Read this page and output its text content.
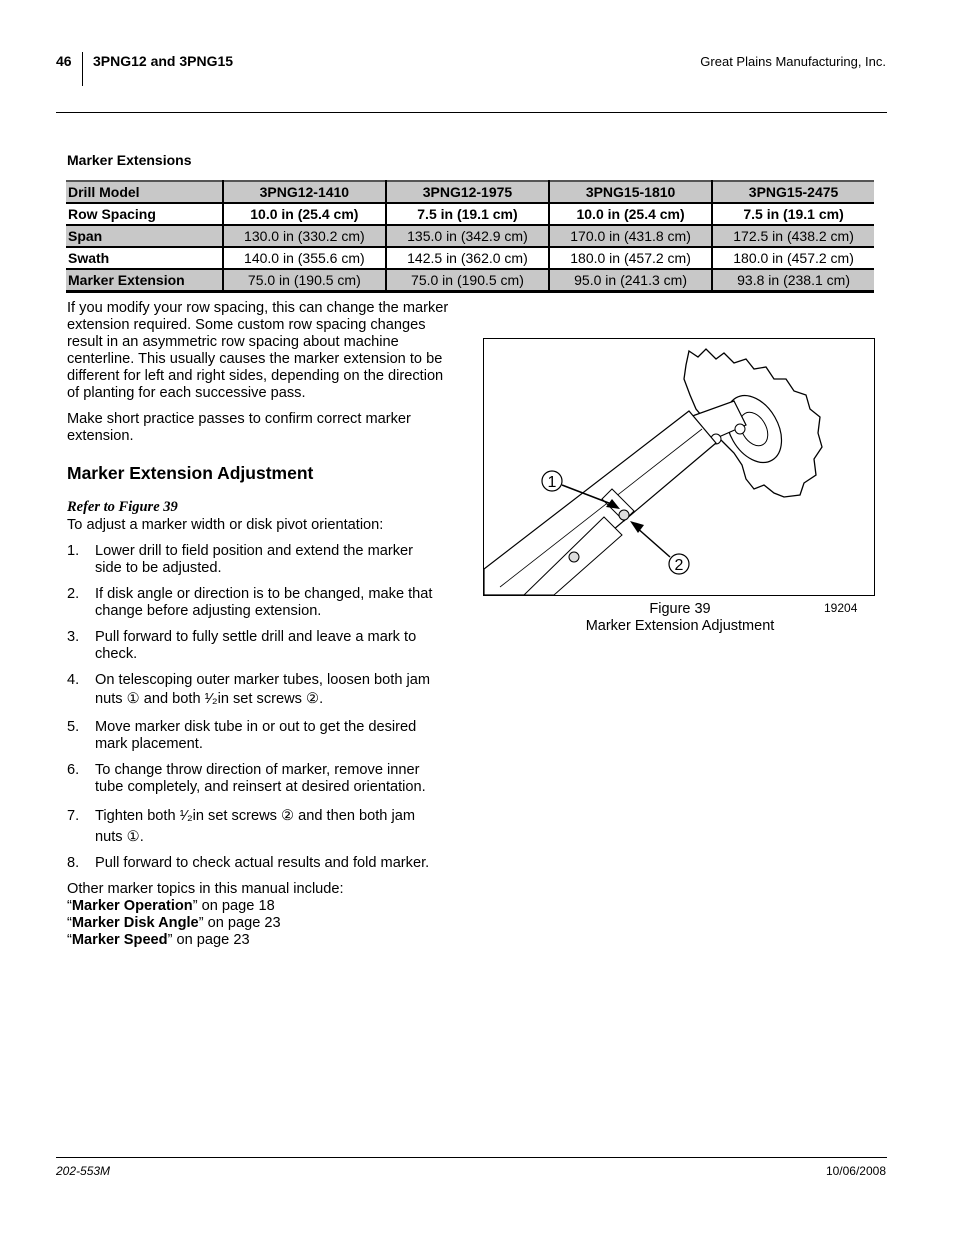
46 3PNG12 and 3PNG15	Great Plains Manufacturing, Inc.
Marker Extensions
Drill Model	3PNG12-1410	3PNG12-1975	3PNG15-1810	3PNG15-2475
Row Spacing	10.0 in (25.4 cm)	7.5 in (19.1 cm)	10.0 in (25.4 cm)	7.5 in (19.1 cm)
Span	130.0 in (330.2 cm)	135.0 in (342.9 cm)	170.0 in (431.8 cm)	172.5 in (438.2 cm)
Swath	140.0 in (355.6 cm)	142.5 in (362.0 cm)	180.0 in (457.2 cm)	180.0 in (457.2 cm)
Marker Extension	75.0 in (190.5 cm)	75.0 in (190.5 cm)	95.0 in (241.3 cm)	93.8 in (238.1 cm)
If you modify your row spacing, this can change the marker extension required. Some custom row spacing changes result in an asymmetric row spacing about machine centerline. This usually causes the marker extension to be different for left and right sides, depending on the direction of planting for each successive pass.
Make short practice passes to confirm correct marker extension.
Marker Extension Adjustment
Refer to Figure 39
To adjust a marker width or disk pivot orientation:
1. Lower drill to field position and extend the marker
side to be adjusted.
2. If disk angle or direction is to be changed, make that
change before adjusting extension.
3. Pull forward to fully settle drill and leave a mark to
check.
4. On telescoping outer marker tubes, loosen both jam
nuts ① and both ¹⁄₂in set screws ②.
5. Move marker disk tube in or out to get the desired
mark placement.
6. To change throw direction of marker, remove inner
tube completely, and reinsert at desired orientation.
7. Tighten both ¹⁄₂in set screws ② and then both jam
nuts ①.
8. Pull forward to check actual results and fold marker.
Other marker topics in this manual include:
“Marker Operation” on page 18
“Marker Disk Angle” on page 23
“Marker Speed” on page 23
1
2
Figure 39
Marker Extension Adjustment
19204
202-553M	10/06/2008
